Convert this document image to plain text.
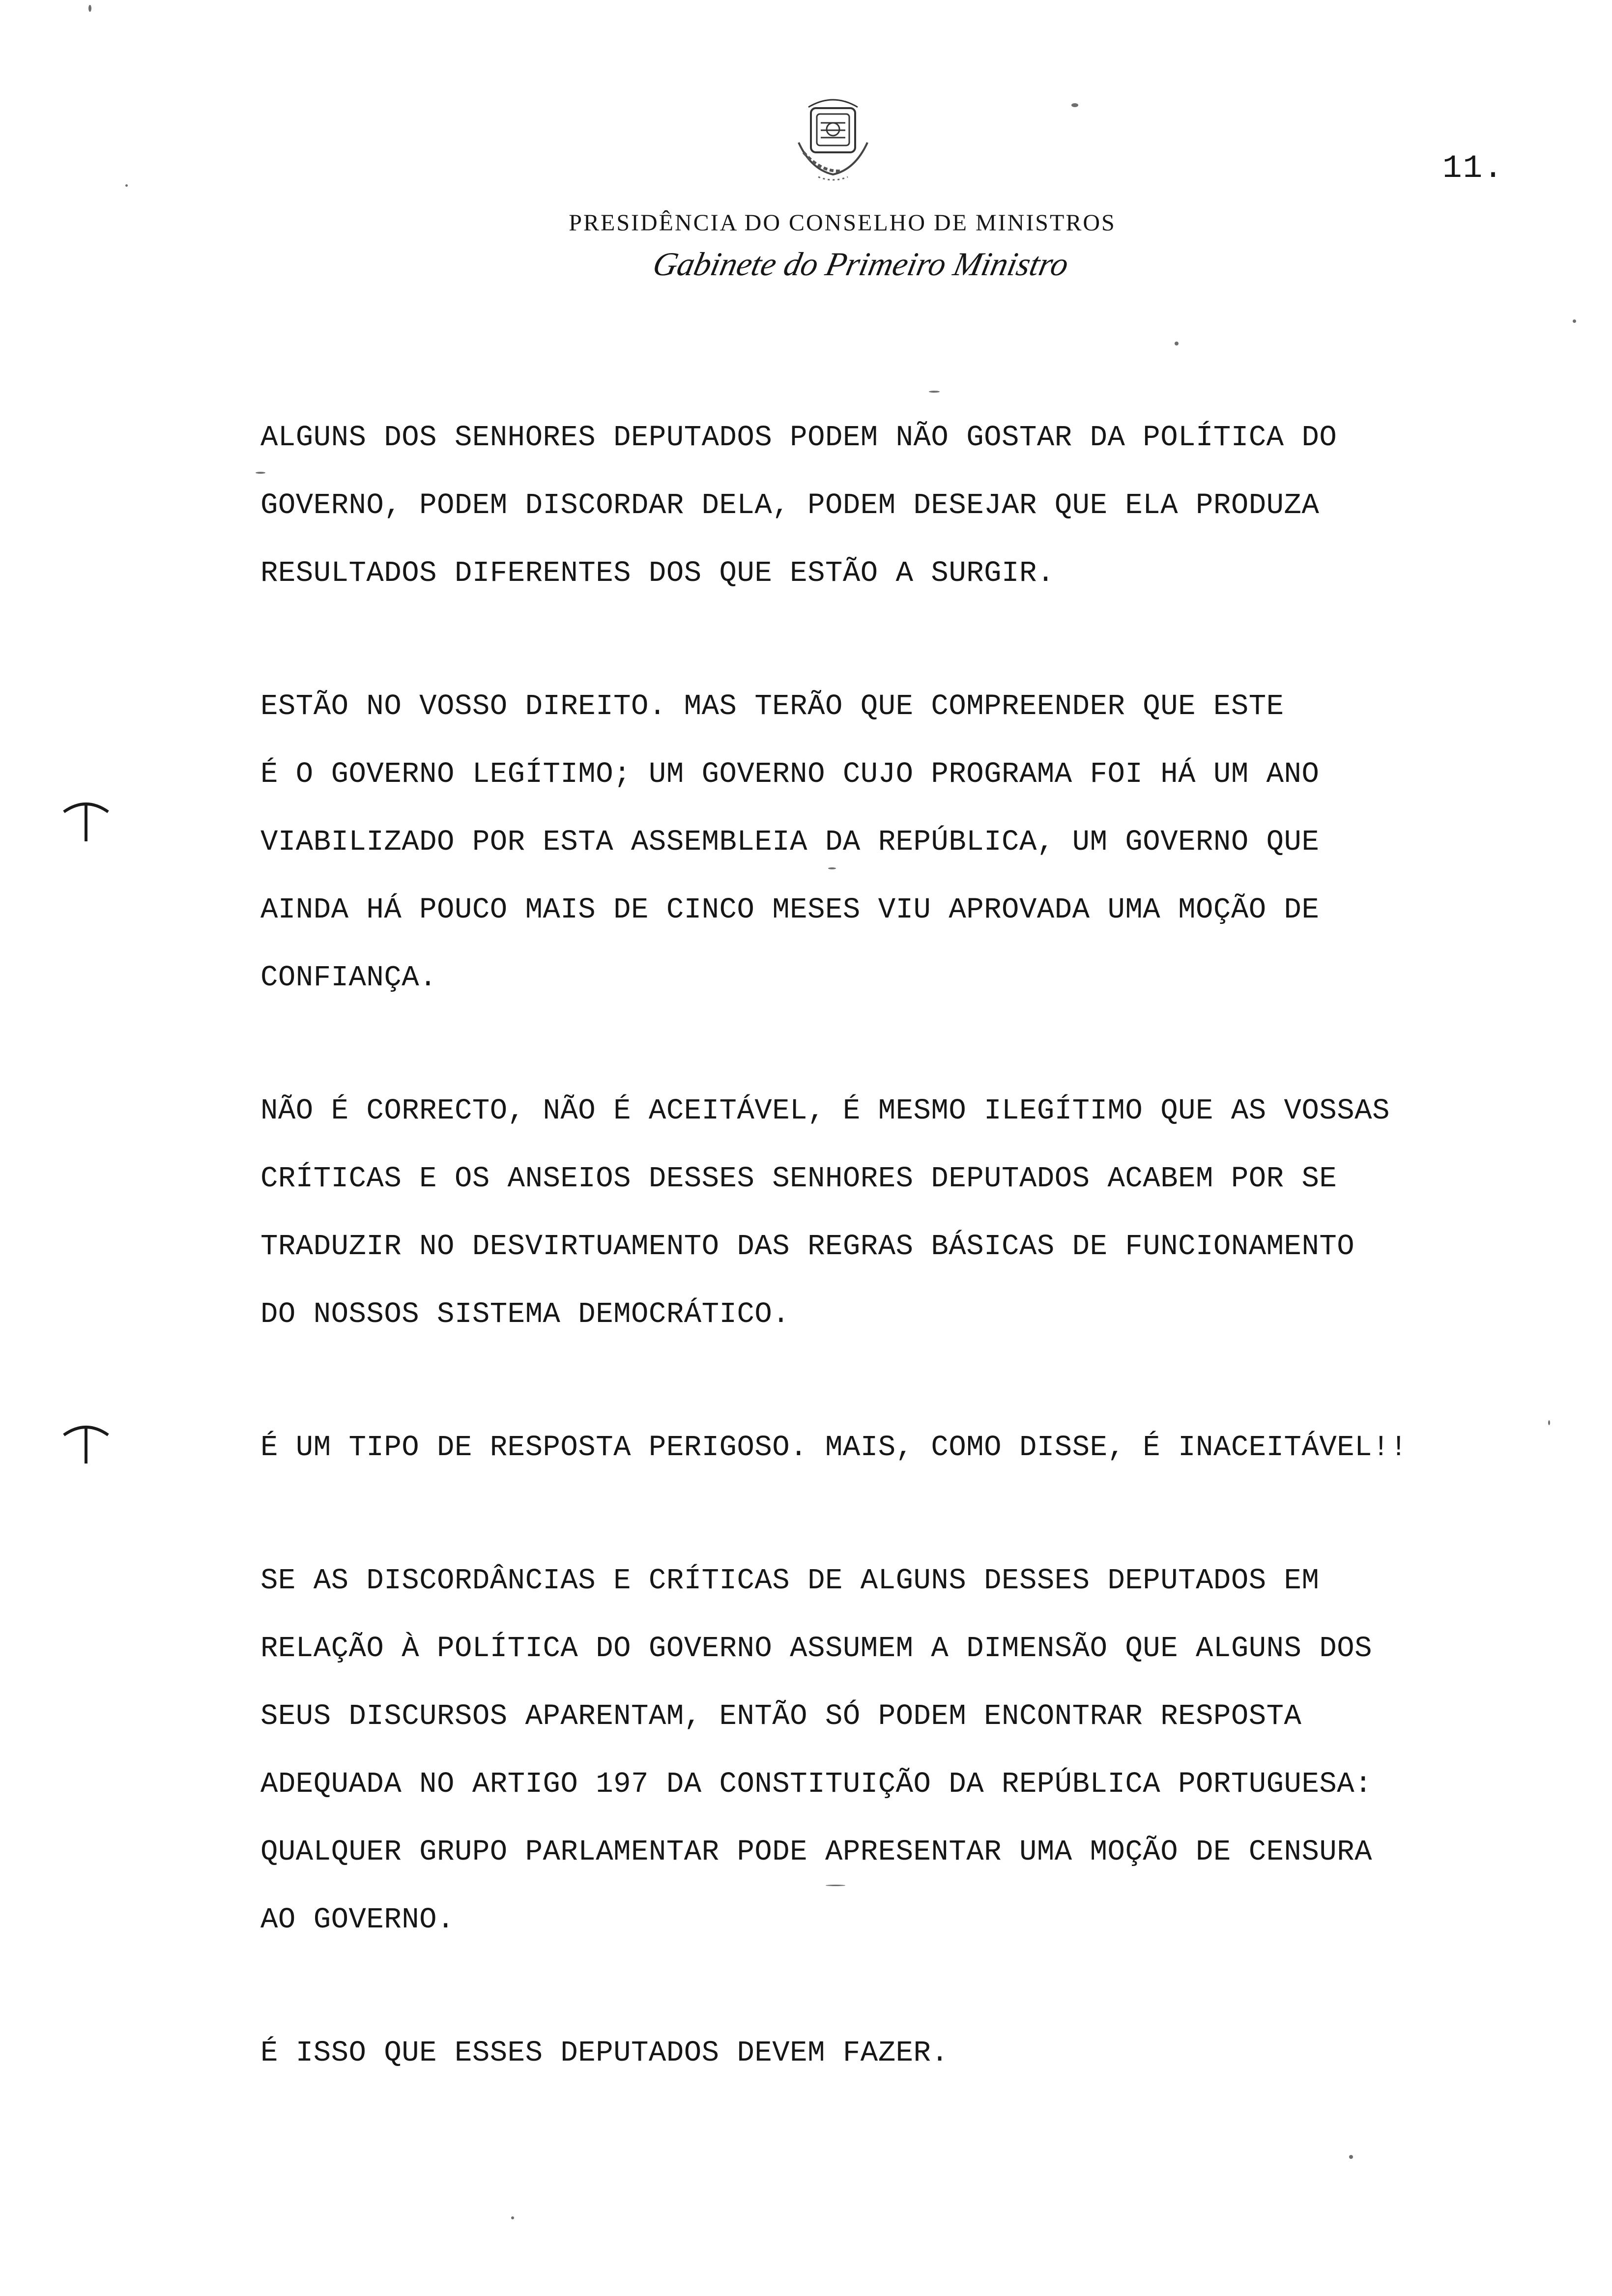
11.
PRESIDÊNCIA DO CONSELHO DE MINISTROS
Gabinete do Primeiro Ministro
ALGUNS DOS SENHORES DEPUTADOS PODEM NÃO GOSTAR DA POLÍTICA DO
GOVERNO, PODEM DISCORDAR DELA, PODEM DESEJAR QUE ELA PRODUZA
RESULTADOS DIFERENTES DOS QUE ESTÃO A SURGIR.
ESTÃO NO VOSSO DIREITO. MAS TERÃO QUE COMPREENDER QUE ESTE
É O GOVERNO LEGÍTIMO; UM GOVERNO CUJO PROGRAMA FOI HÁ UM ANO
VIABILIZADO POR ESTA ASSEMBLEIA DA REPÚBLICA, UM GOVERNO QUE
AINDA HÁ POUCO MAIS DE CINCO MESES VIU APROVADA UMA MOÇÃO DE
CONFIANÇA.
NÃO É CORRECTO, NÃO É ACEITÁVEL, É MESMO ILEGÍTIMO QUE AS VOSSAS
CRÍTICAS E OS ANSEIOS DESSES SENHORES DEPUTADOS ACABEM POR SE
TRADUZIR NO DESVIRTUAMENTO DAS REGRAS BÁSICAS DE FUNCIONAMENTO
DO NOSSOS SISTEMA DEMOCRÁTICO.
É UM TIPO DE RESPOSTA PERIGOSO. MAIS, COMO DISSE, É INACEITÁVEL!!
SE AS DISCORDÂNCIAS E CRÍTICAS DE ALGUNS DESSES DEPUTADOS EM
RELAÇÃO À POLÍTICA DO GOVERNO ASSUMEM A DIMENSÃO QUE ALGUNS DOS
SEUS DISCURSOS APARENTAM, ENTÃO SÓ PODEM ENCONTRAR RESPOSTA
ADEQUADA NO ARTIGO 197 DA CONSTITUIÇÃO DA REPÚBLICA PORTUGUESA:
QUALQUER GRUPO PARLAMENTAR PODE APRESENTAR UMA MOÇÃO DE CENSURA
AO GOVERNO.
É ISSO QUE ESSES DEPUTADOS DEVEM FAZER.
